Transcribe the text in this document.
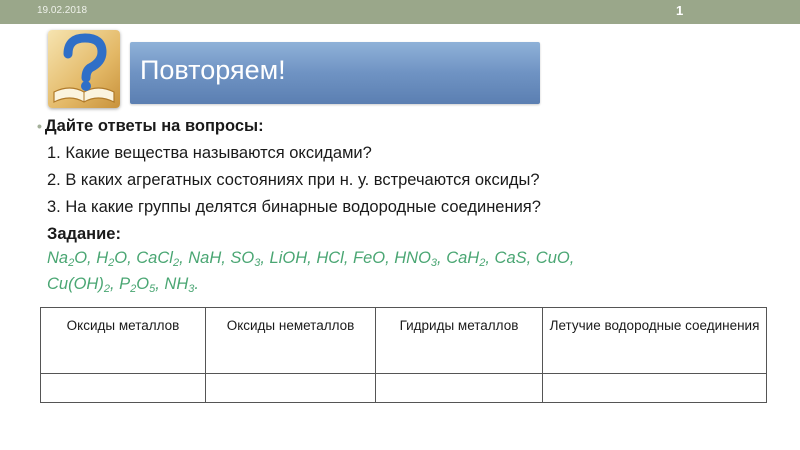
19.02.2018	1
Повторяем!
• Дайте ответы на вопросы:
1. Какие вещества называются оксидами?
2. В каких агрегатных состояниях при н. у. встречаются оксиды?
3. На какие группы делятся бинарные водородные соединения?
Задание:
$Na_2O$, $H_2O$, CaCl$_2$, NaH, $SO_3$, LiOH, HCl, FeO, $HNO_3$, CaH$_2$, CaS, CuO,
$Cu(OH)_2$, $P_2O_5$, $NH_3$.
Оксиды металлов	Оксиды неметаллов	Гидриды металлов	Летучие водородные соединения
